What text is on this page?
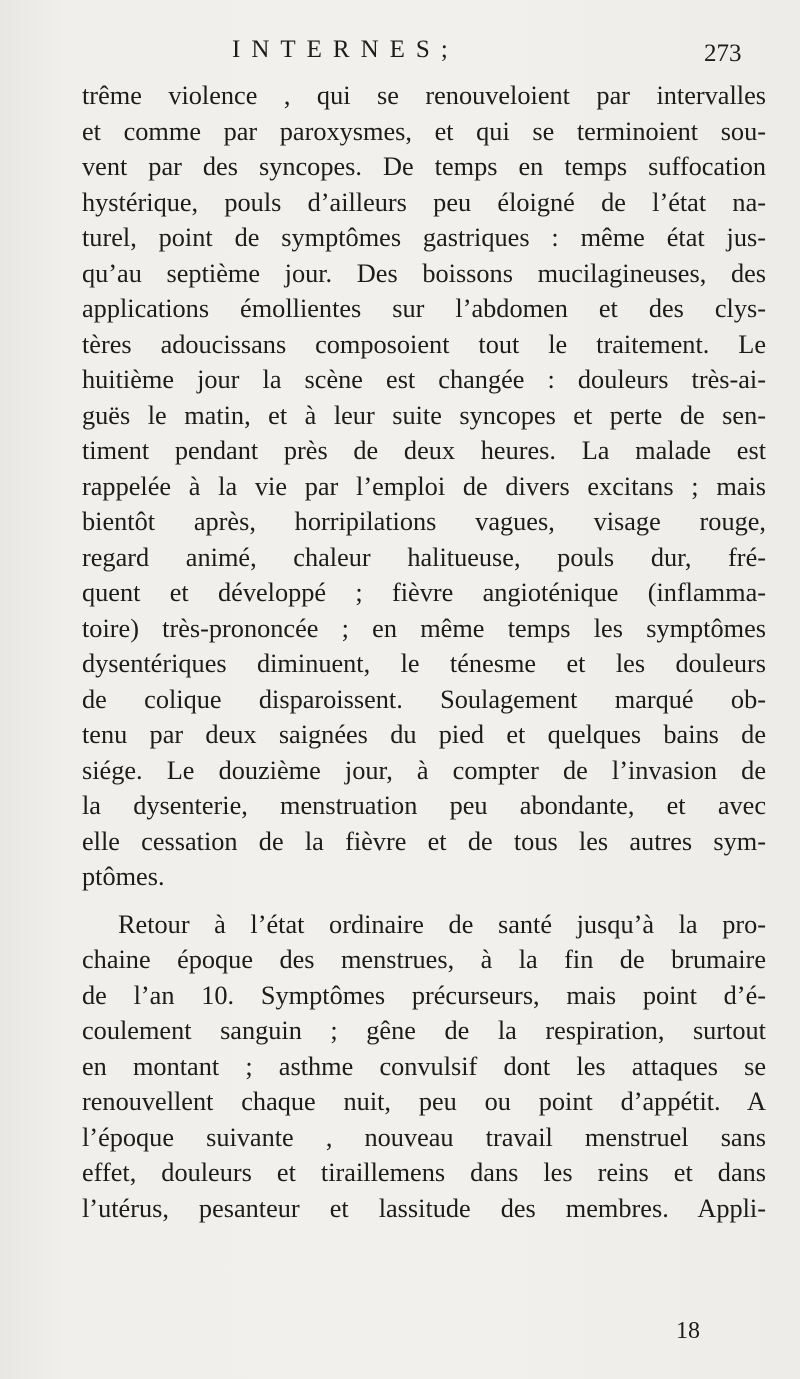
INTERNES;	273
trême violence , qui se renouveloient par intervalles
et comme par paroxysmes, et qui se terminoient sou-
vent par des syncopes. De temps en temps suffocation
hystérique, pouls d’ailleurs peu éloigné de l’état na-
turel, point de symptômes gastriques : même état jus-
qu’au septième jour. Des boissons mucilagineuses, des
applications émollientes sur l’abdomen et des clys-
tères adoucissans composoient tout le traitement. Le
huitième jour la scène est changée : douleurs très-ai-
guës le matin, et à leur suite syncopes et perte de sen-
timent pendant près de deux heures. La malade est
rappelée à la vie par l’emploi de divers excitans ; mais
bientôt après, horripilations vagues, visage rouge,
regard animé, chaleur halitueuse, pouls dur, fré-
quent et développé ; fièvre angioténique (inflamma-
toire) très-prononcée ; en même temps les symptômes
dysentériques diminuent, le ténesme et les douleurs
de colique disparoissent. Soulagement marqué ob-
tenu par deux saignées du pied et quelques bains de
siége. Le douzième jour, à compter de l’invasion de
la dysenterie, menstruation peu abondante, et avec
elle cessation de la fièvre et de tous les autres sym-
ptômes.
Retour à l’état ordinaire de santé jusqu’à la pro-
chaine époque des menstrues, à la fin de brumaire
de l’an 10. Symptômes précurseurs, mais point d’é-
coulement sanguin ; gêne de la respiration, surtout
en montant ; asthme convulsif dont les attaques se
renouvellent chaque nuit, peu ou point d’appétit. A
l’époque suivante , nouveau travail menstruel sans
effet, douleurs et tiraillemens dans les reins et dans
l’utérus, pesanteur et lassitude des membres. Appli-
18
